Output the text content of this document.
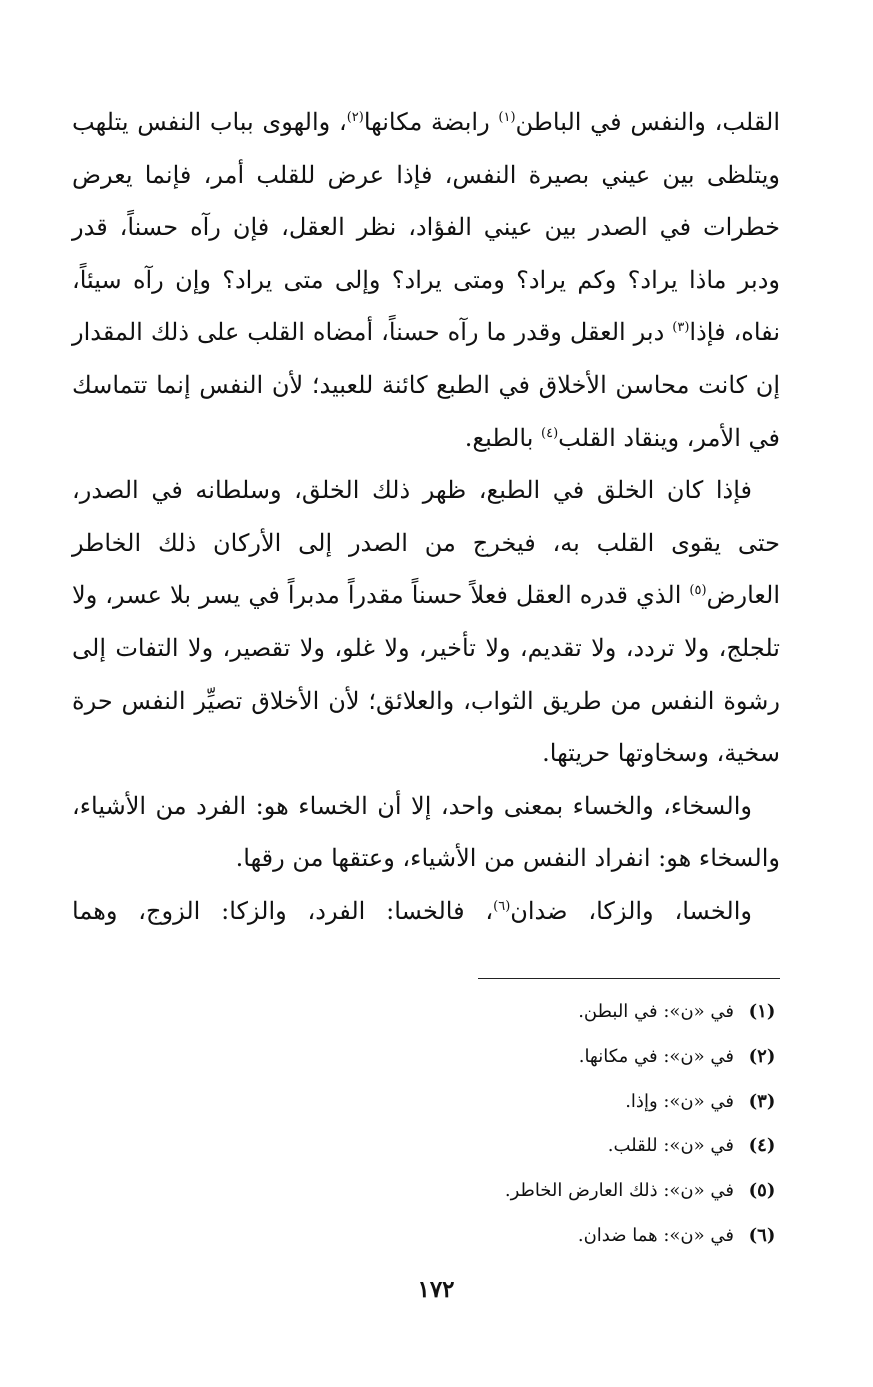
القلب، والنفس في الباطن$^{(١)}$ رابضة مكانها$^{(٢)}$، والهوى بباب النفس يتلهب ويتلظى بين عيني بصيرة النفس، فإذا عرض للقلب أمر، فإنما يعرض خطرات في الصدر بين عيني الفؤاد، نظر العقل، فإن رآه حسناً، قدر ودبر ماذا يراد؟ وكم يراد؟ ومتى يراد؟ وإلى متى يراد؟ وإن رآه سيئاً، نفاه، فإذا$^{(٣)}$ دبر العقل وقدر ما رآه حسناً، أمضاه القلب على ذلك المقدار إن كانت محاسن الأخلاق في الطبع كائنة للعبيد؛ لأن النفس إنما تتماسك في الأمر، وينقاد القلب$^{(٤)}$ بالطبع.

فإذا كان الخلق في الطبع، ظهر ذلك الخلق، وسلطانه في الصدر، حتى يقوى القلب به، فيخرج من الصدر إلى الأركان ذلك الخاطر العارض$^{(٥)}$ الذي قدره العقل فعلاً حسناً مقدراً مدبراً في يسر بلا عسر، ولا تلجلج، ولا تردد، ولا تقديم، ولا تأخير، ولا غلو، ولا تقصير، ولا التفات إلى رشوة النفس من طريق الثواب، والعلائق؛ لأن الأخلاق تصيِّر النفس حرة سخية، وسخاوتها حريتها.

والسخاء، والخساء بمعنى واحد، إلا أن الخساء هو: الفرد من الأشياء، والسخاء هو: انفراد النفس من الأشياء، وعتقها من رقها.

والخسا، والزكا، ضدان$^{(٦)}$، فالخسا: الفرد، والزكا: الزوج، وهما

(١)في «ن»: في البطن.

(٢)في «ن»: في مكانها.

(٣)في «ن»: وإذا.

(٤)في «ن»: للقلب.

(٥)في «ن»: ذلك العارض الخاطر.

(٦)في «ن»: هما ضدان.

١٧٢
